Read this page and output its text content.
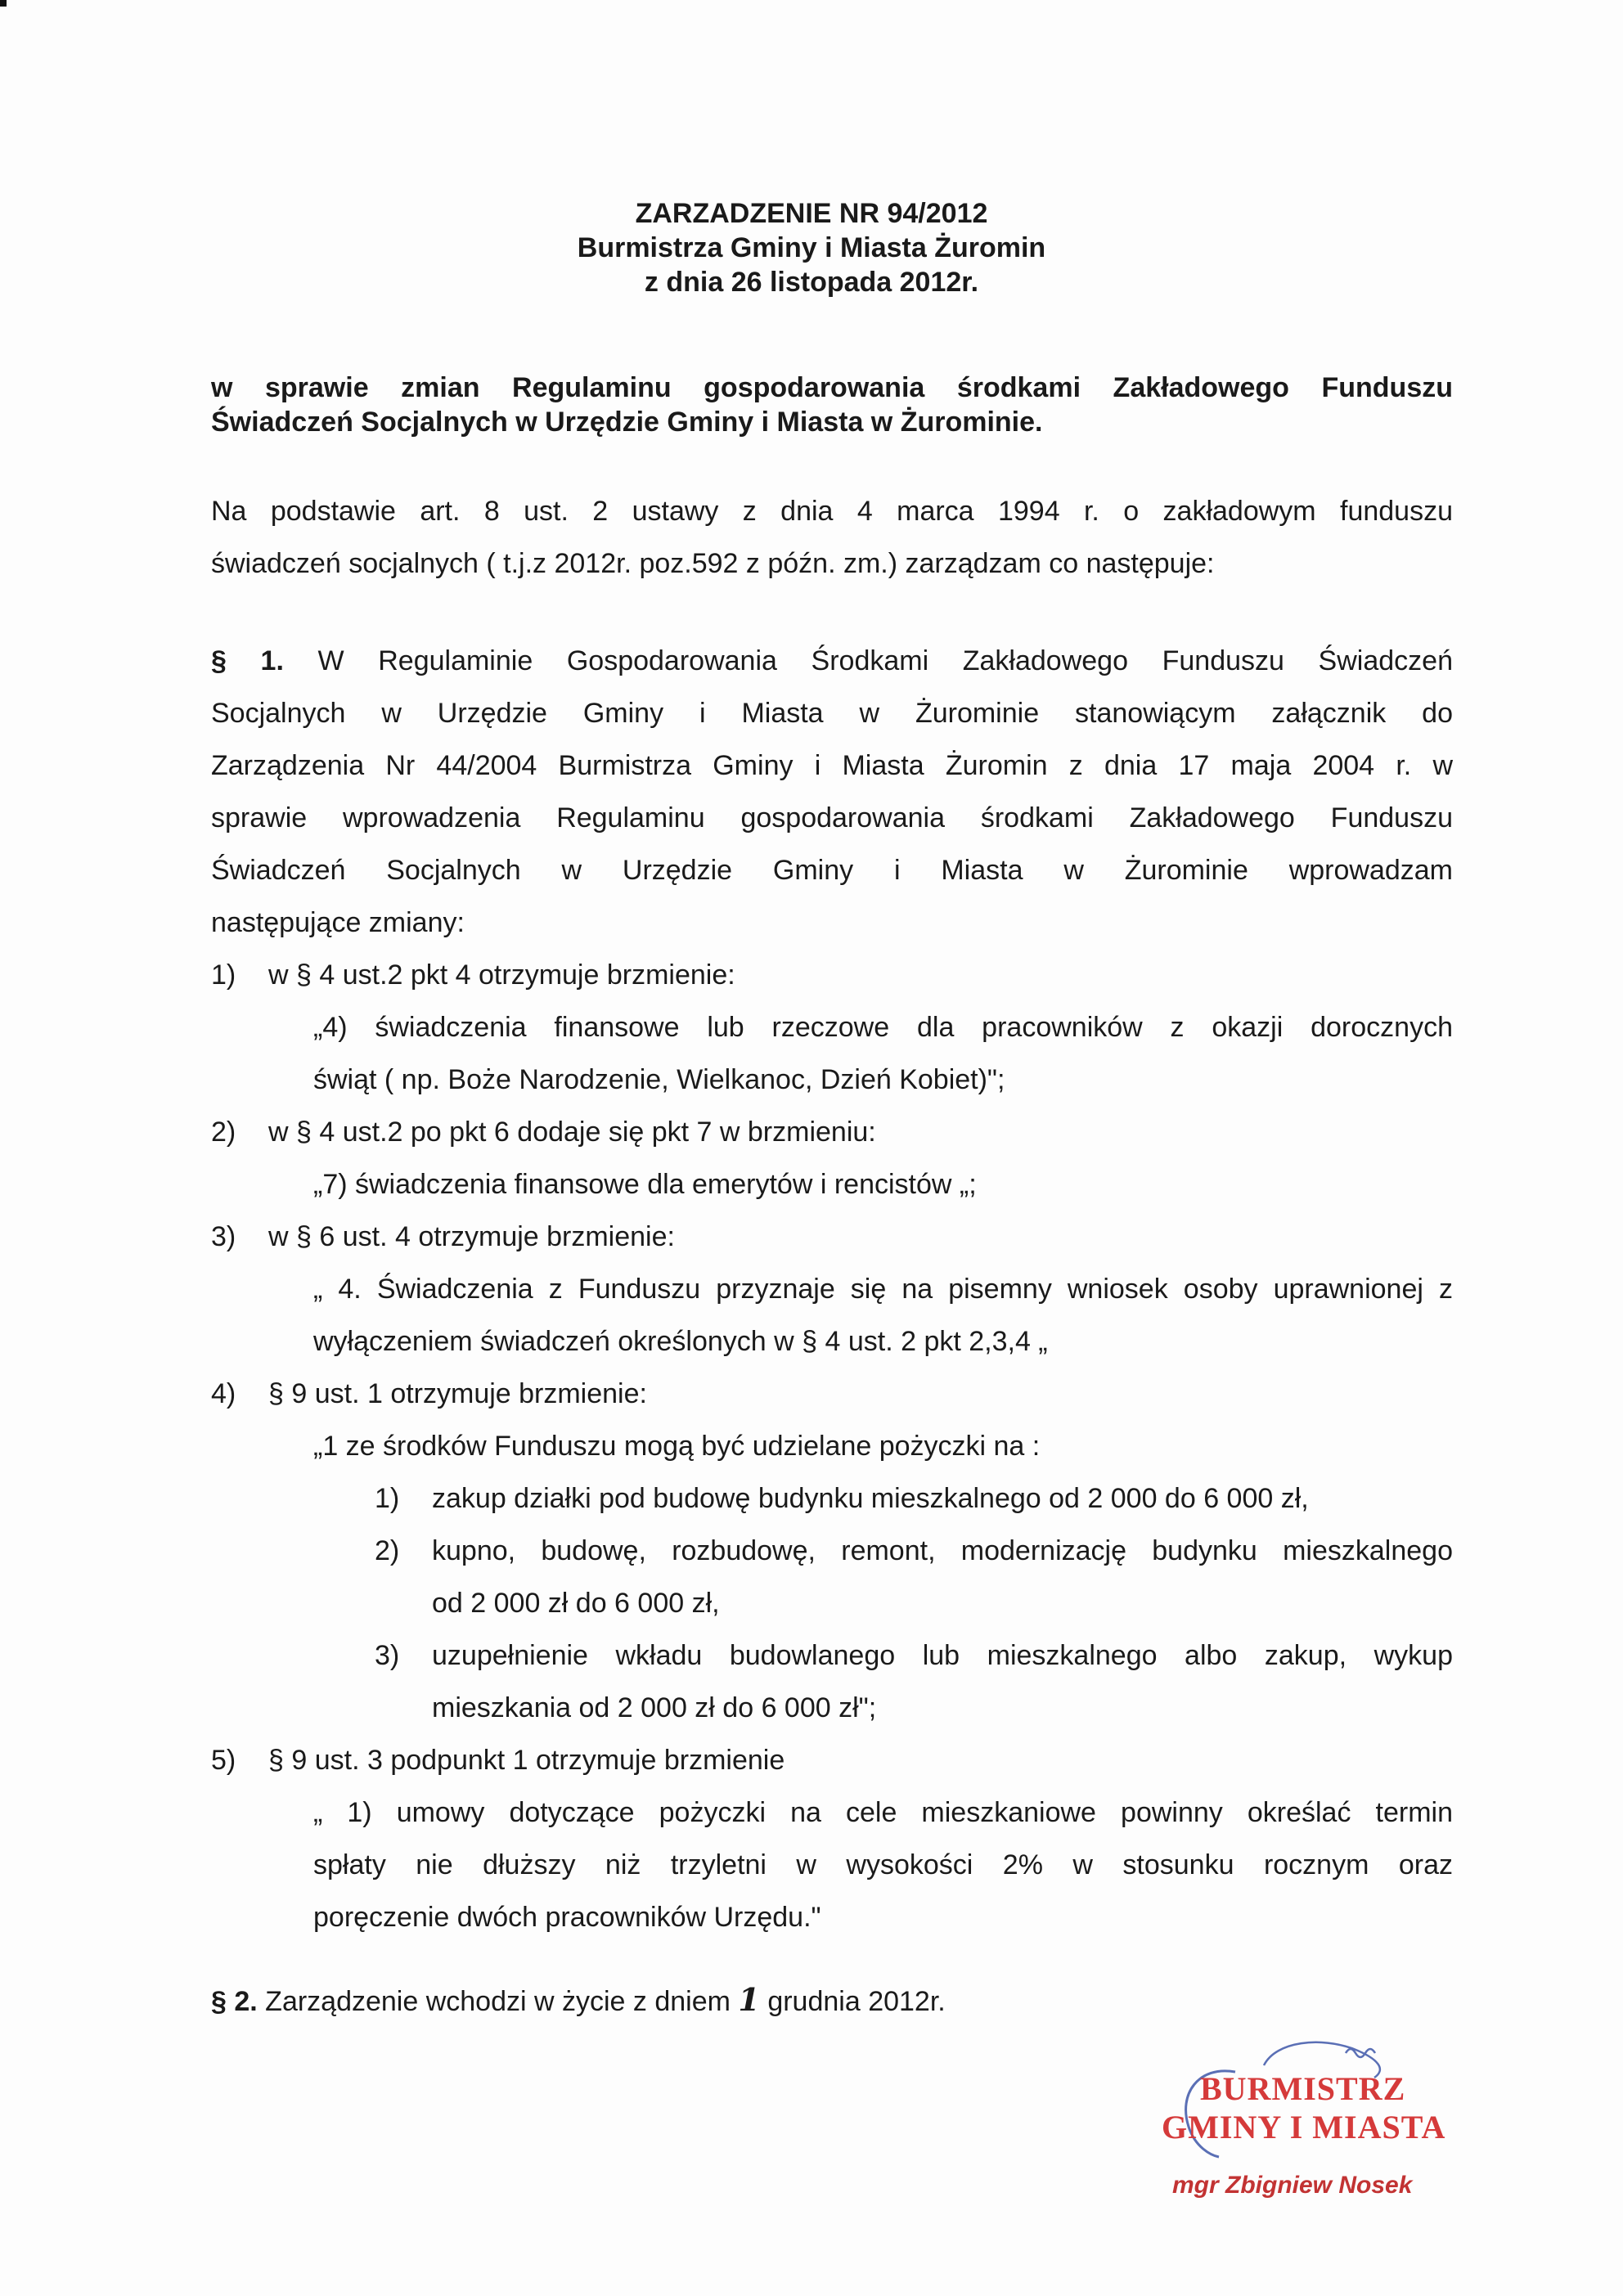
ZARZADZENIE NR 94/2012
Burmistrza Gminy i Miasta Żuromin
z dnia 26 listopada 2012r.
w sprawie zmian Regulaminu gospodarowania środkami Zakładowego Funduszu
Świadczeń Socjalnych w Urzędzie Gminy i Miasta w Żurominie.
Na podstawie art. 8 ust. 2 ustawy z dnia 4 marca 1994 r. o zakładowym funduszu
świadczeń socjalnych ( t.j.z 2012r. poz.592 z późn. zm.) zarządzam co następuje:
§ 1. W Regulaminie Gospodarowania Środkami Zakładowego Funduszu Świadczeń
Socjalnych w Urzędzie Gminy i Miasta w Żurominie stanowiącym załącznik do
Zarządzenia Nr 44/2004 Burmistrza Gminy i Miasta Żuromin z dnia 17 maja 2004 r. w
sprawie wprowadzenia Regulaminu gospodarowania środkami Zakładowego Funduszu
Świadczeń Socjalnych w Urzędzie Gminy i Miasta w Żurominie wprowadzam
następujące zmiany:
1)	w § 4 ust.2 pkt 4 otrzymuje brzmienie:
„4) świadczenia finansowe lub rzeczowe dla pracowników z okazji dorocznych
świąt ( np. Boże Narodzenie, Wielkanoc, Dzień Kobiet)";
2)	w § 4 ust.2 po pkt 6 dodaje się pkt 7 w brzmieniu:
„7) świadczenia finansowe dla emerytów i rencistów „;
3)	w § 6 ust. 4 otrzymuje brzmienie:
„ 4. Świadczenia z Funduszu przyznaje się na pisemny wniosek osoby uprawnionej z
wyłączeniem świadczeń określonych w § 4 ust. 2 pkt 2,3,4 „
4)	§ 9 ust. 1 otrzymuje brzmienie:
„1 ze środków Funduszu mogą być udzielane pożyczki na :
1) zakup działki pod budowę budynku mieszkalnego od 2 000 do 6 000 zł,
2) kupno, budowę, rozbudowę, remont, modernizację budynku mieszkalnego
od 2 000 zł do 6 000 zł,
3) uzupełnienie wkładu budowlanego lub mieszkalnego albo zakup, wykup
mieszkania od 2 000 zł do 6 000 zł";
5)	§ 9 ust. 3 podpunkt 1 otrzymuje brzmienie
„ 1) umowy dotyczące pożyczki na cele mieszkaniowe powinny określać termin
spłaty nie dłuższy niż trzyletni w wysokości 2% w stosunku rocznym oraz
poręczenie dwóch pracowników Urzędu."
§ 2. Zarządzenie wchodzi w życie z dniem 1 grudnia 2012r.
BURMISTRZ
GMINY I MIASTA
mgr Zbigniew Nosek
